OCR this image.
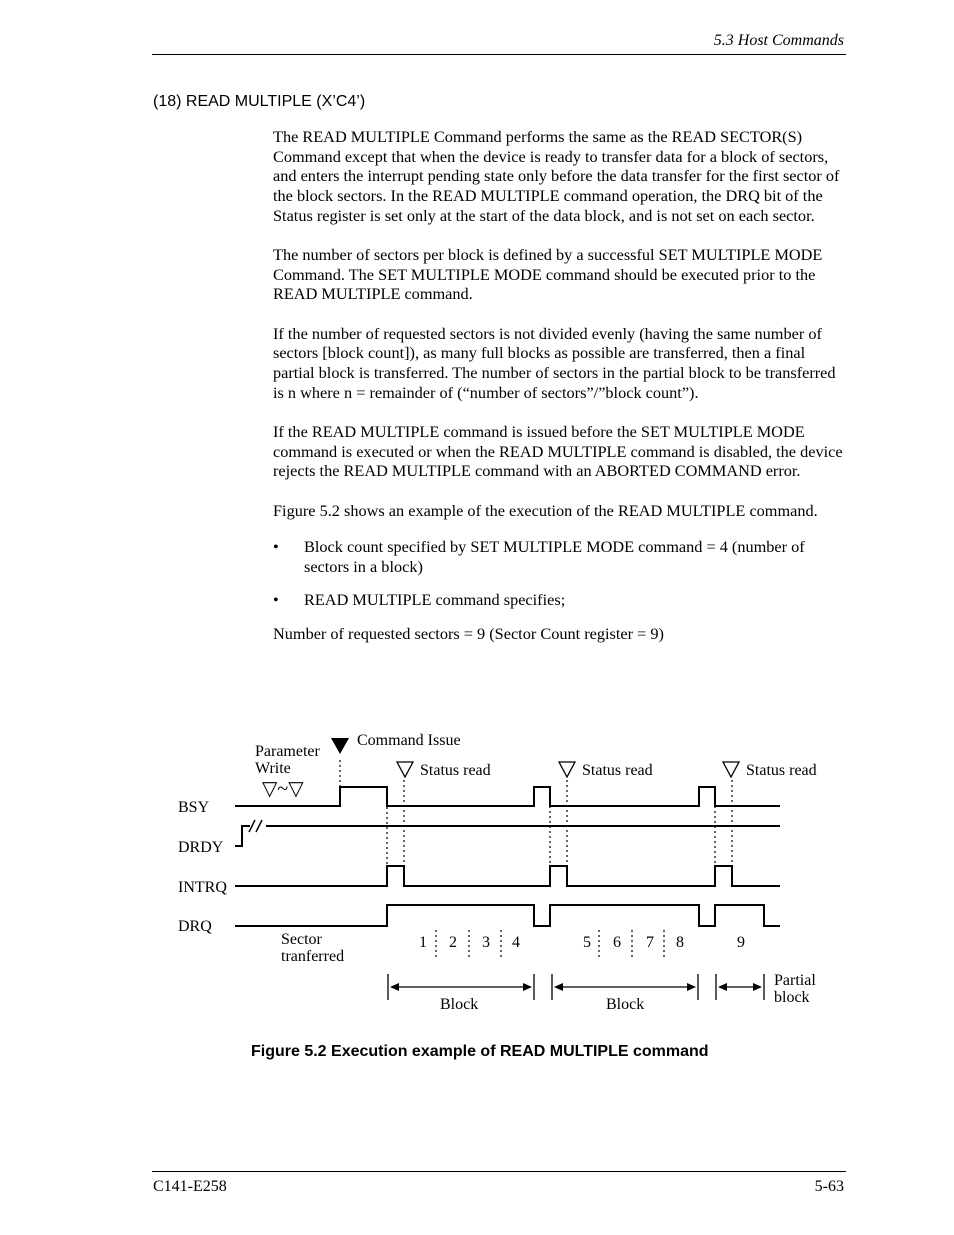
5.3 Host Commands
(18) READ MULTIPLE (X’C4’)

The READ MULTIPLE Command performs the same as the READ SECTOR(S) Command except that when the device is ready to transfer data for a block of sectors, and enters the interrupt pending state only before the data transfer for the first sector of the block sectors. In the READ MULTIPLE command operation, the DRQ bit of the Status register is set only at the start of the data block, and is not set on each sector.

The number of sectors per block is defined by a successful SET MULTIPLE MODE Command. The SET MULTIPLE MODE command should be executed prior to the READ MULTIPLE command.

If the number of requested sectors is not divided evenly (having the same number of sectors [block count]), as many full blocks as possible are transferred, then a final partial block is transferred. The number of sectors in the partial block to be transferred is n where n = remainder of (“number of sectors”/”block count”).

If the READ MULTIPLE command is issued before the SET MULTIPLE MODE command is executed or when the READ MULTIPLE command is disabled, the device rejects the READ MULTIPLE command with an ABORTED COMMAND error.

Figure 5.2 shows an example of the execution of the READ MULTIPLE command.

• Block count specified by SET MULTIPLE MODE command = 4 (number of sectors in a block)
• READ MULTIPLE command specifies;

Number of requested sectors = 9 (Sector Count register = 9)

Parameter
Write
▽~▽
Command Issue
Status read	Status read	Status read
BSY
DRDY
INTRQ
DRQ
Sector
tranferred
1 2 3 4	5 6 7 8	9
Block	Block
Partial
block
Figure 5.2 Execution example of READ MULTIPLE command
C141-E258	5-63
